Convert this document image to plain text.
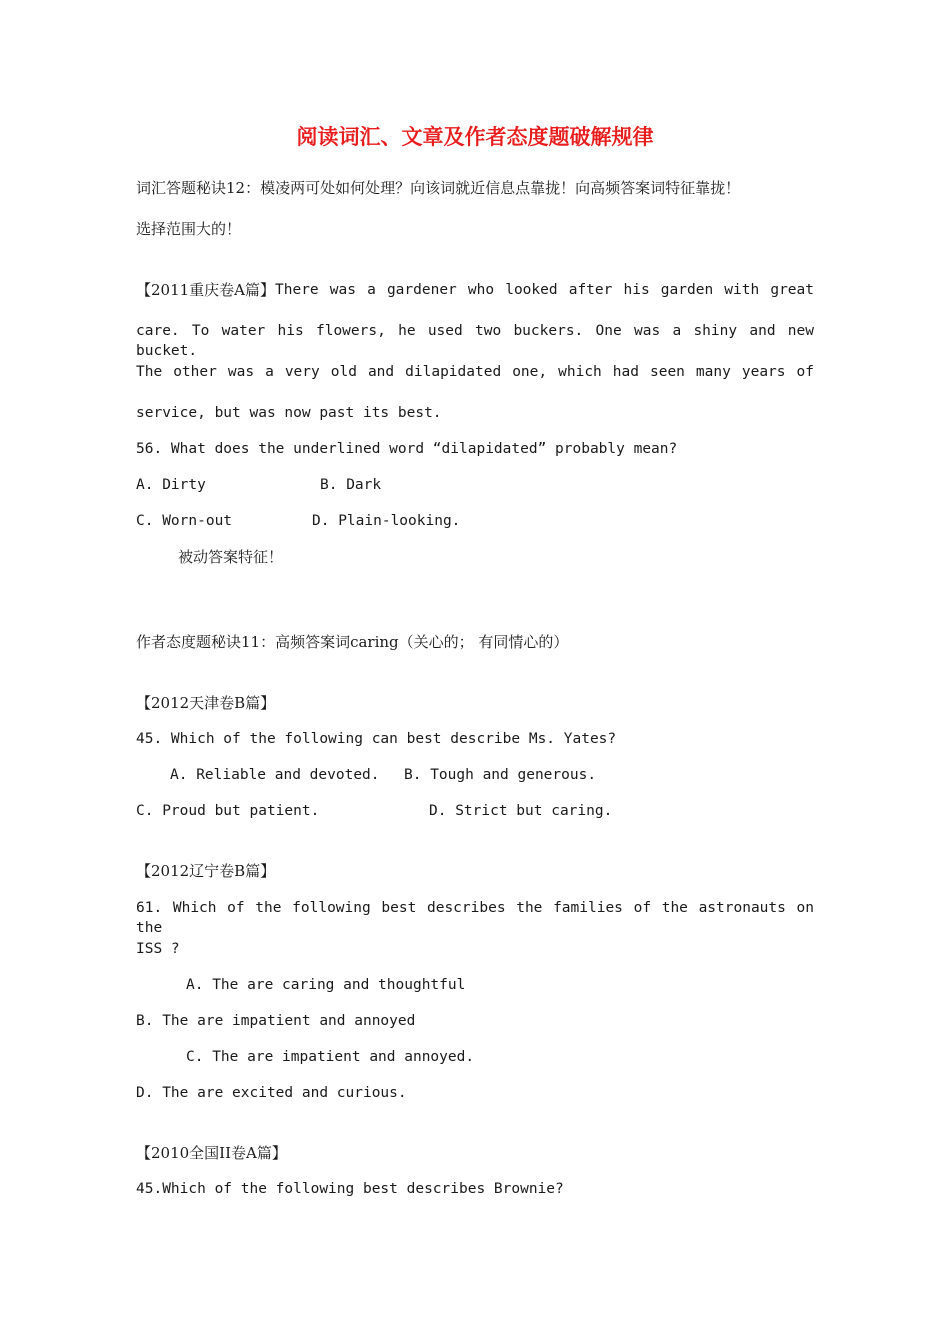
阅读词汇、文章及作者态度题破解规律
词汇答题秘诀12：模凌两可处如何处理？向该词就近信息点靠拢！向高频答案词特征靠拢！
选择范围大的！
【2011重庆卷A篇】 There was a gardener who looked after his garden with great
care. To water his flowers, he used two buckers. One was a shiny and new bucket.
The other was a very old and dilapidated one, which had seen many years of
service, but was now past its best.
56. What does the underlined word “dilapidated” probably mean?
A. Dirty	B. Dark
C. Worn-out	D. Plain-looking.
被动答案特征！
作者态度题秘诀11：高频答案词caring（关心的； 有同情心的）
【2012天津卷B篇】
45. Which of the following can best describe Ms. Yates?
A. Reliable and devoted. B. Tough and generous.
C. Proud but patient.	D. Strict but caring.
【2012辽宁卷B篇】
61. Which of the following best describes the families of the astronauts on the
ISS ?
A. The are caring and thoughtful
B. The are impatient and annoyed
C. The are impatient and annoyed.
D. The are excited and curious.
【2010全国II卷A篇】
45.Which of the following best describes Brownie?
